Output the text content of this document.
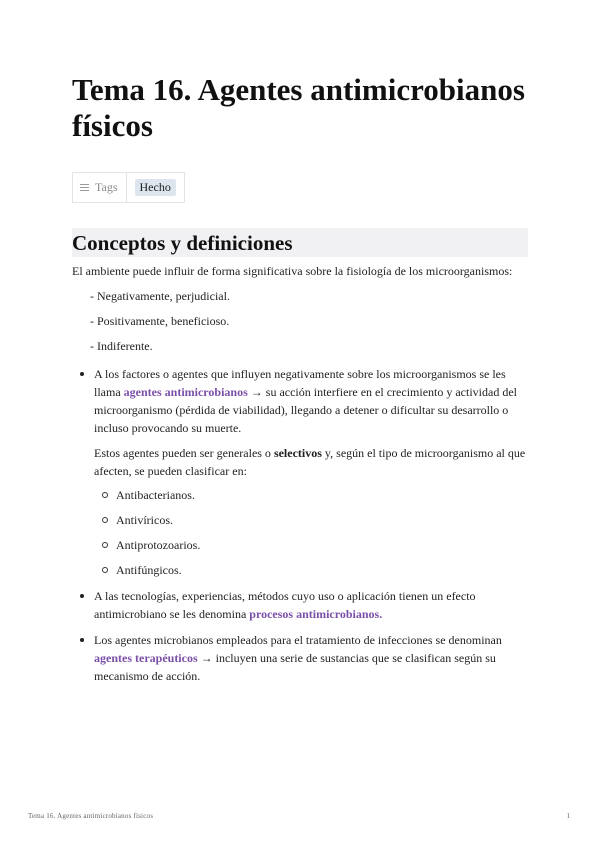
Tema 16. Agentes antimicrobianos físicos
Tags	Hecho
Conceptos y definiciones

El ambiente puede influir de forma significativa sobre la fisiología de los microorganismos:

- Negativamente, perjudicial.
- Positivamente, beneficioso.
- Indiferente.

A los factores o agentes que influyen negativamente sobre los microorganismos se les llama agentes antimicrobianos → su acción interfiere en el crecimiento y actividad del microorganismo (pérdida de viabilidad), llegando a detener o dificultar su desarrollo o incluso provocando su muerte.

Estos agentes pueden ser generales o selectivos y, según el tipo de microorganismo al que afecten, se pueden clasificar en:

Antibacterianos.
Antivíricos.
Antiprotozoarios.
Antifúngicos.

A las tecnologías, experiencias, métodos cuyo uso o aplicación tienen un efecto antimicrobiano se les denomina procesos antimicrobianos.

Los agentes microbianos empleados para el tratamiento de infecciones se denominan agentes terapéuticos → incluyen una serie de sustancias que se clasifican según su mecanismo de acción.

Tema 16. Agentes antimicrobianos físicos	1
